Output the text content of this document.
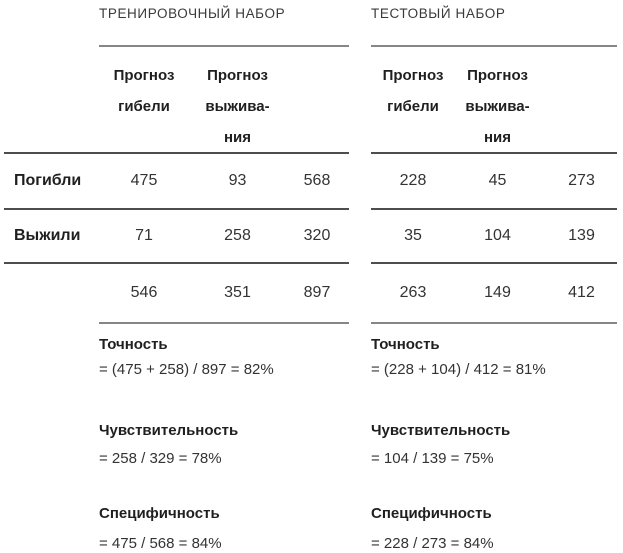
ТРЕНИРОВОЧНЫЙ НАБОР	ТЕСТОВЫЙ НАБОР
Прогноз
гибели
Прогноз
выжива-
ния
Прогноз
гибели
Прогноз
выжива-
ния
Погибли	475	93	568	228	45	273
Выжили	71	258	320	35	104	139
546	351	897	263	149	412
Точность
= (475 + 258) / 897 = 82%
Чувствительность
= 258 / 329 = 78%
Специфичность
= 475 / 568 = 84%
Точность
= (228 + 104) / 412 = 81%
Чувствительность
= 104 / 139 = 75%
Специфичность
= 228 / 273 = 84%
